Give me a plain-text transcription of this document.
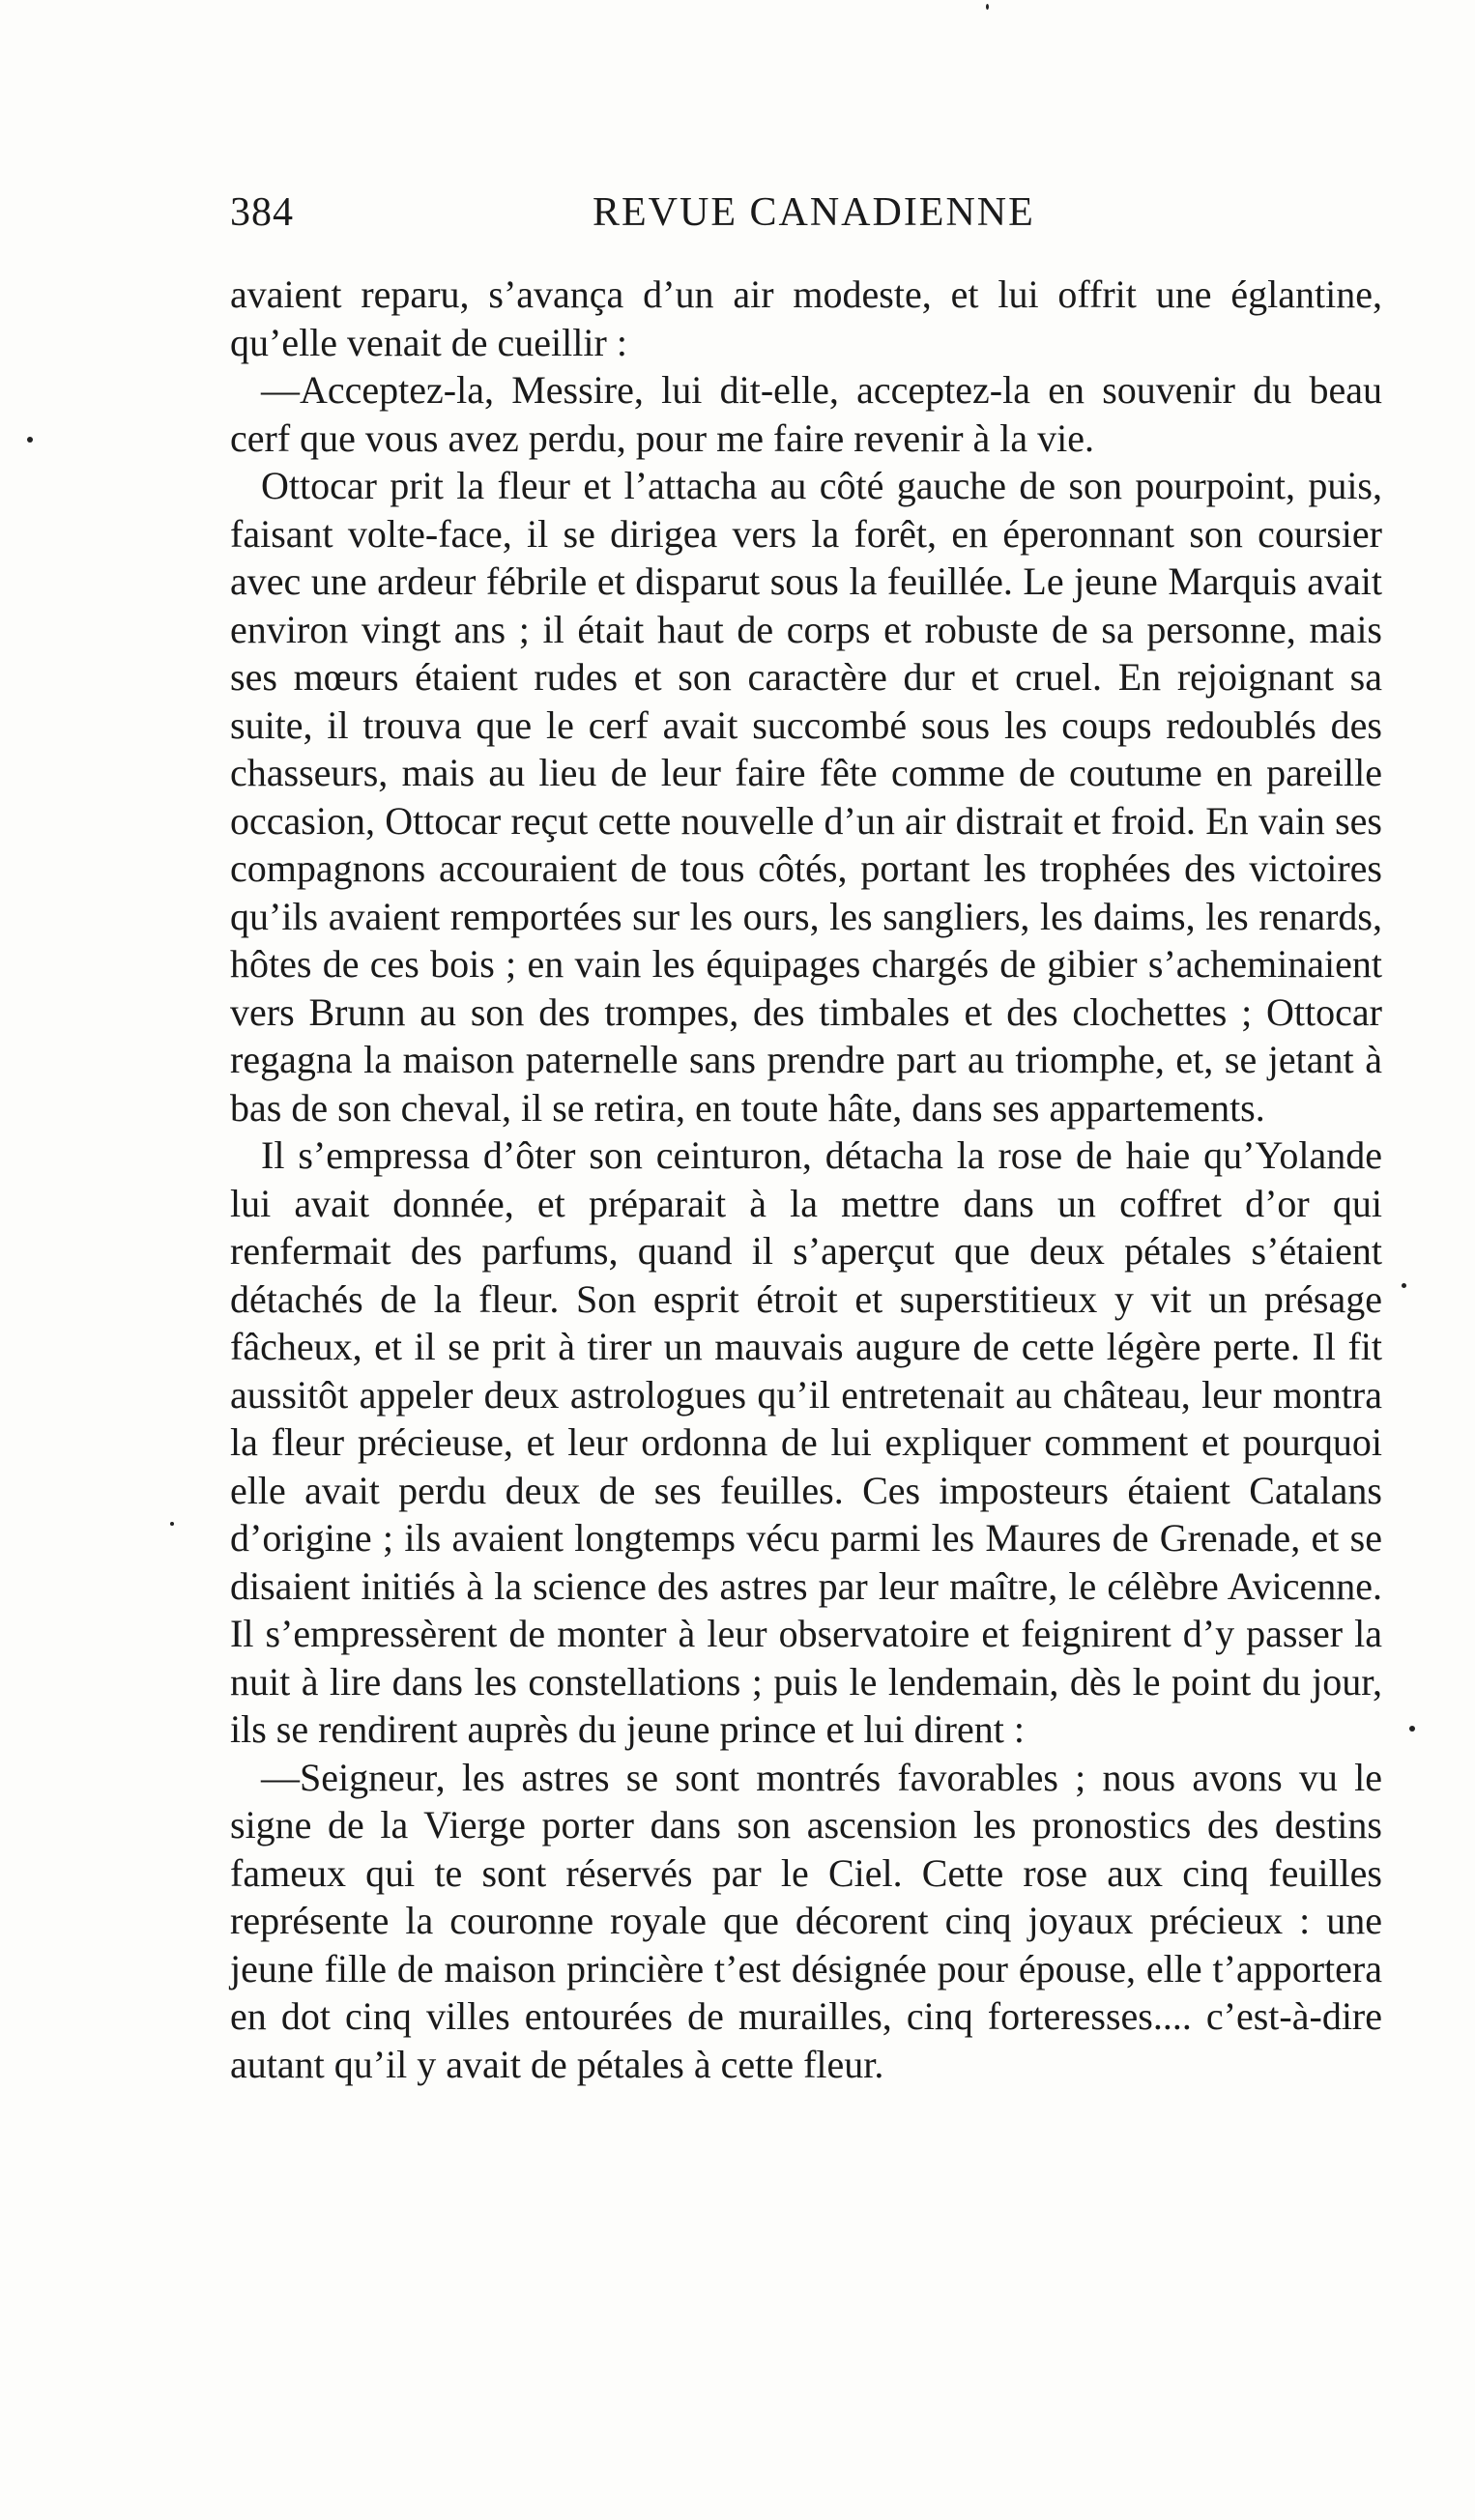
384	REVUE CANADIENNE

avaient reparu, s’avança d’un air modeste, et lui offrit une églantine, qu’elle venait de cueillir :

—Acceptez-la, Messire, lui dit-elle, acceptez-la en souvenir du beau cerf que vous avez perdu, pour me faire revenir à la vie.

Ottocar prit la fleur et l’attacha au côté gauche de son pourpoint, puis, faisant volte-face, il se dirigea vers la forêt, en éperonnant son coursier avec une ardeur fébrile et disparut sous la feuillée. Le jeune Marquis avait environ vingt ans ; il était haut de corps et robuste de sa personne, mais ses mœurs étaient rudes et son caractère dur et cruel. En rejoignant sa suite, il trouva que le cerf avait succombé sous les coups redoublés des chasseurs, mais au lieu de leur faire fête comme de coutume en pareille occasion, Ottocar reçut cette nouvelle d’un air distrait et froid. En vain ses compagnons accouraient de tous côtés, portant les trophées des victoires qu’ils avaient remportées sur les ours, les sangliers, les daims, les renards, hôtes de ces bois ; en vain les équipages chargés de gibier s’acheminaient vers Brunn au son des trompes, des timbales et des clochettes ; Ottocar regagna la maison paternelle sans prendre part au triomphe, et, se jetant à bas de son cheval, il se retira, en toute hâte, dans ses appartements.

Il s’empressa d’ôter son ceinturon, détacha la rose de haie qu’Yolande lui avait donnée, et préparait à la mettre dans un coffret d’or qui renfermait des parfums, quand il s’aperçut que deux pétales s’étaient détachés de la fleur. Son esprit étroit et superstitieux y vit un présage fâcheux, et il se prit à tirer un mauvais augure de cette légère perte. Il fit aussitôt appeler deux astrologues qu’il entretenait au château, leur montra la fleur précieuse, et leur ordonna de lui expliquer comment et pourquoi elle avait perdu deux de ses feuilles. Ces imposteurs étaient Catalans d’origine ; ils avaient longtemps vécu parmi les Maures de Grenade, et se disaient initiés à la science des astres par leur maître, le célèbre Avicenne. Il s’empressèrent de monter à leur observatoire et feignirent d’y passer la nuit à lire dans les constellations ; puis le lendemain, dès le point du jour, ils se rendirent auprès du jeune prince et lui dirent :

—Seigneur, les astres se sont montrés favorables ; nous avons vu le signe de la Vierge porter dans son ascension les pronostics des destins fameux qui te sont réservés par le Ciel. Cette rose aux cinq feuilles représente la couronne royale que décorent cinq joyaux précieux : une jeune fille de maison princière t’est désignée pour épouse, elle t’apportera en dot cinq villes entourées de murailles, cinq forteresses.... c’est-à-dire autant qu’il y avait de pétales à cette fleur.
